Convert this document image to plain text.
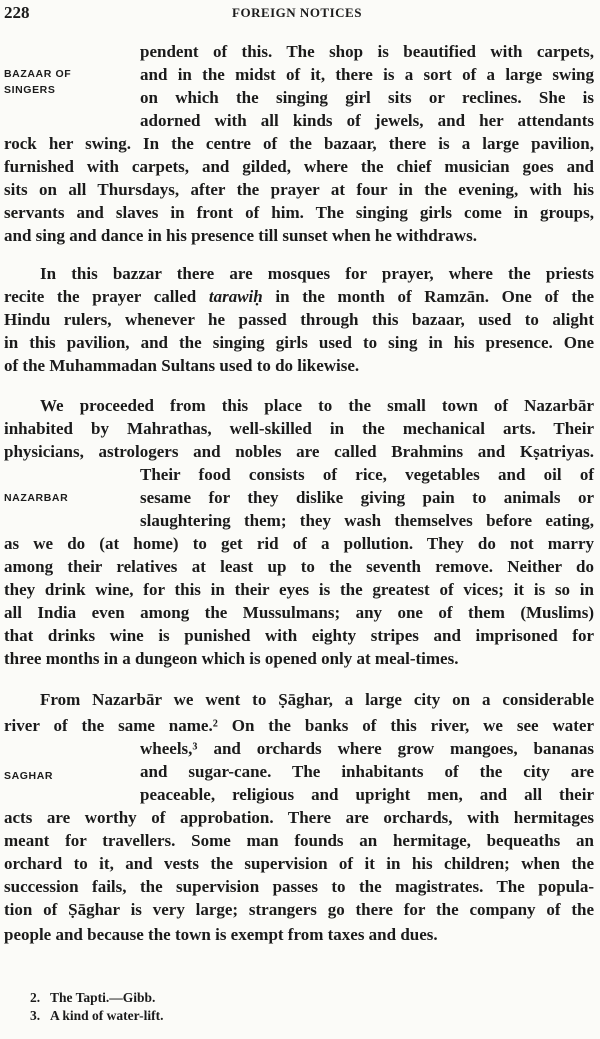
228	FOREIGN NOTICES
BAZAAR OF
SINGERS
NAZARBAR
SAGHAR
pendent of this. The shop is beautified with carpets,
and in the midst of it, there is a sort of a large swing
on which the singing girl sits or reclines. She is
adorned with all kinds of jewels, and her attendants
rock her swing. In the centre of the bazaar, there is a large pavilion,
furnished with carpets, and gilded, where the chief musician goes and
sits on all Thursdays, after the prayer at four in the evening, with his
servants and slaves in front of him. The singing girls come in groups,
and sing and dance in his presence till sunset when he withdraws.
In this bazzar there are mosques for prayer, where the priests
recite the prayer called tarawiḥ in the month of Ramzān. One of the
Hindu rulers, whenever he passed through this bazaar, used to alight
in this pavilion, and the singing girls used to sing in his presence. One
of the Muhammadan Sultans used to do likewise.
We proceeded from this place to the small town of Nazarbār
inhabited by Mahrathas, well-skilled in the mechanical arts. Their
physicians, astrologers and nobles are called Brahmins and Kṣatriyas.
Their food consists of rice, vegetables and oil of
sesame for they dislike giving pain to animals or
slaughtering them; they wash themselves before eating,
as we do (at home) to get rid of a pollution. They do not marry
among their relatives at least up to the seventh remove. Neither do
they drink wine, for this in their eyes is the greatest of vices; it is so in
all India even among the Mussulmans; any one of them (Muslims)
that drinks wine is punished with eighty stripes and imprisoned for
three months in a dungeon which is opened only at meal-times.
From Nazarbār we went to Ṣāghar, a large city on a considerable
river of the same name.² On the banks of this river, we see water
wheels,³ and orchards where grow mangoes, bananas
and sugar-cane. The inhabitants of the city are
peaceable, religious and upright men, and all their
acts are worthy of approbation. There are orchards, with hermitages
meant for travellers. Some man founds an hermitage, bequeaths an
orchard to it, and vests the supervision of it in his children; when the
succession fails, the supervision passes to the magistrates. The popula-
tion of Ṣāghar is very large; strangers go there for the company of the
people and because the town is exempt from taxes and dues.
2. The Tapti.—Gibb.
3. A kind of water-lift.
